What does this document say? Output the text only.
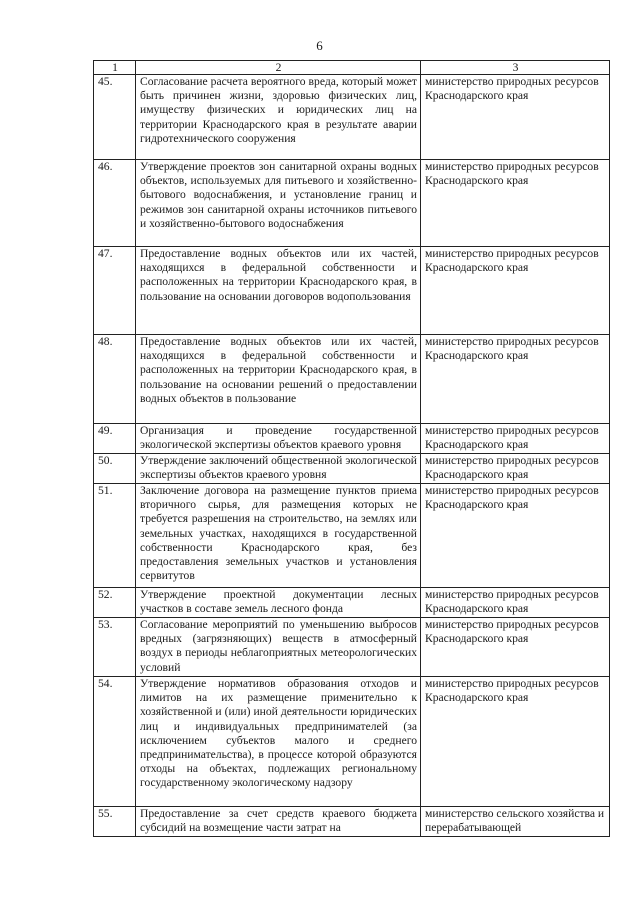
6
1	2	3
45.	Согласование расчета вероятного вреда, который может быть причинен жизни, здоровью физических лиц, имуществу физических и юридических лиц на территории Краснодарского края в результате аварии гидротехнического сооружения	министерство природных ресурсов Краснодарского края
46.	Утверждение проектов зон санитарной охраны водных объектов, используемых для питьевого и хозяйственно-бытового водоснабжения, и установление границ и режимов зон санитарной охраны источников питьевого и хозяйственно-бытового водоснабжения	министерство природных ресурсов Краснодарского края
47.	Предоставление водных объектов или их частей, находящихся в федеральной собственности и расположенных на территории Краснодарского края, в пользование на основании договоров водопользования	министерство природных ресурсов Краснодарского края
48.	Предоставление водных объектов или их частей, находящихся в федеральной собственности и расположенных на территории Краснодарского края, в пользование на основании решений о предоставлении водных объектов в пользование	министерство природных ресурсов Краснодарского края
49.	Организация и проведение государственной экологической экспертизы объектов краевого уровня	министерство природных ресурсов Краснодарского края
50.	Утверждение заключений общественной экологической экспертизы объектов краевого уровня	министерство природных ресурсов Краснодарского края
51.	Заключение договора на размещение пунктов приема вторичного сырья, для размещения которых не требуется разрешения на строительство, на землях или земельных участках, находящихся в государственной собственности Краснодарского края, без предоставления земельных участков и установления сервитутов	министерство природных ресурсов Краснодарского края
52.	Утверждение проектной документации лесных участков в составе земель лесного фонда	министерство природных ресурсов Краснодарского края
53.	Согласование мероприятий по уменьшению выбросов вредных (загрязняющих) веществ в атмосферный воздух в периоды неблагоприятных метеорологических условий	министерство природных ресурсов Краснодарского края
54.	Утверждение нормативов образования отходов и лимитов на их размещение применительно к хозяйственной и (или) иной деятельности юридических лиц и индивидуальных предпринимателей (за исключением субъектов малого и среднего предпринимательства), в процессе которой образуются отходы на объектах, подлежащих региональному государственному экологическому надзору	министерство природных ресурсов Краснодарского края
55.	Предоставление за счет средств краевого бюджета субсидий на возмещение части затрат на	министерство сельского хозяйства и перерабатывающей
